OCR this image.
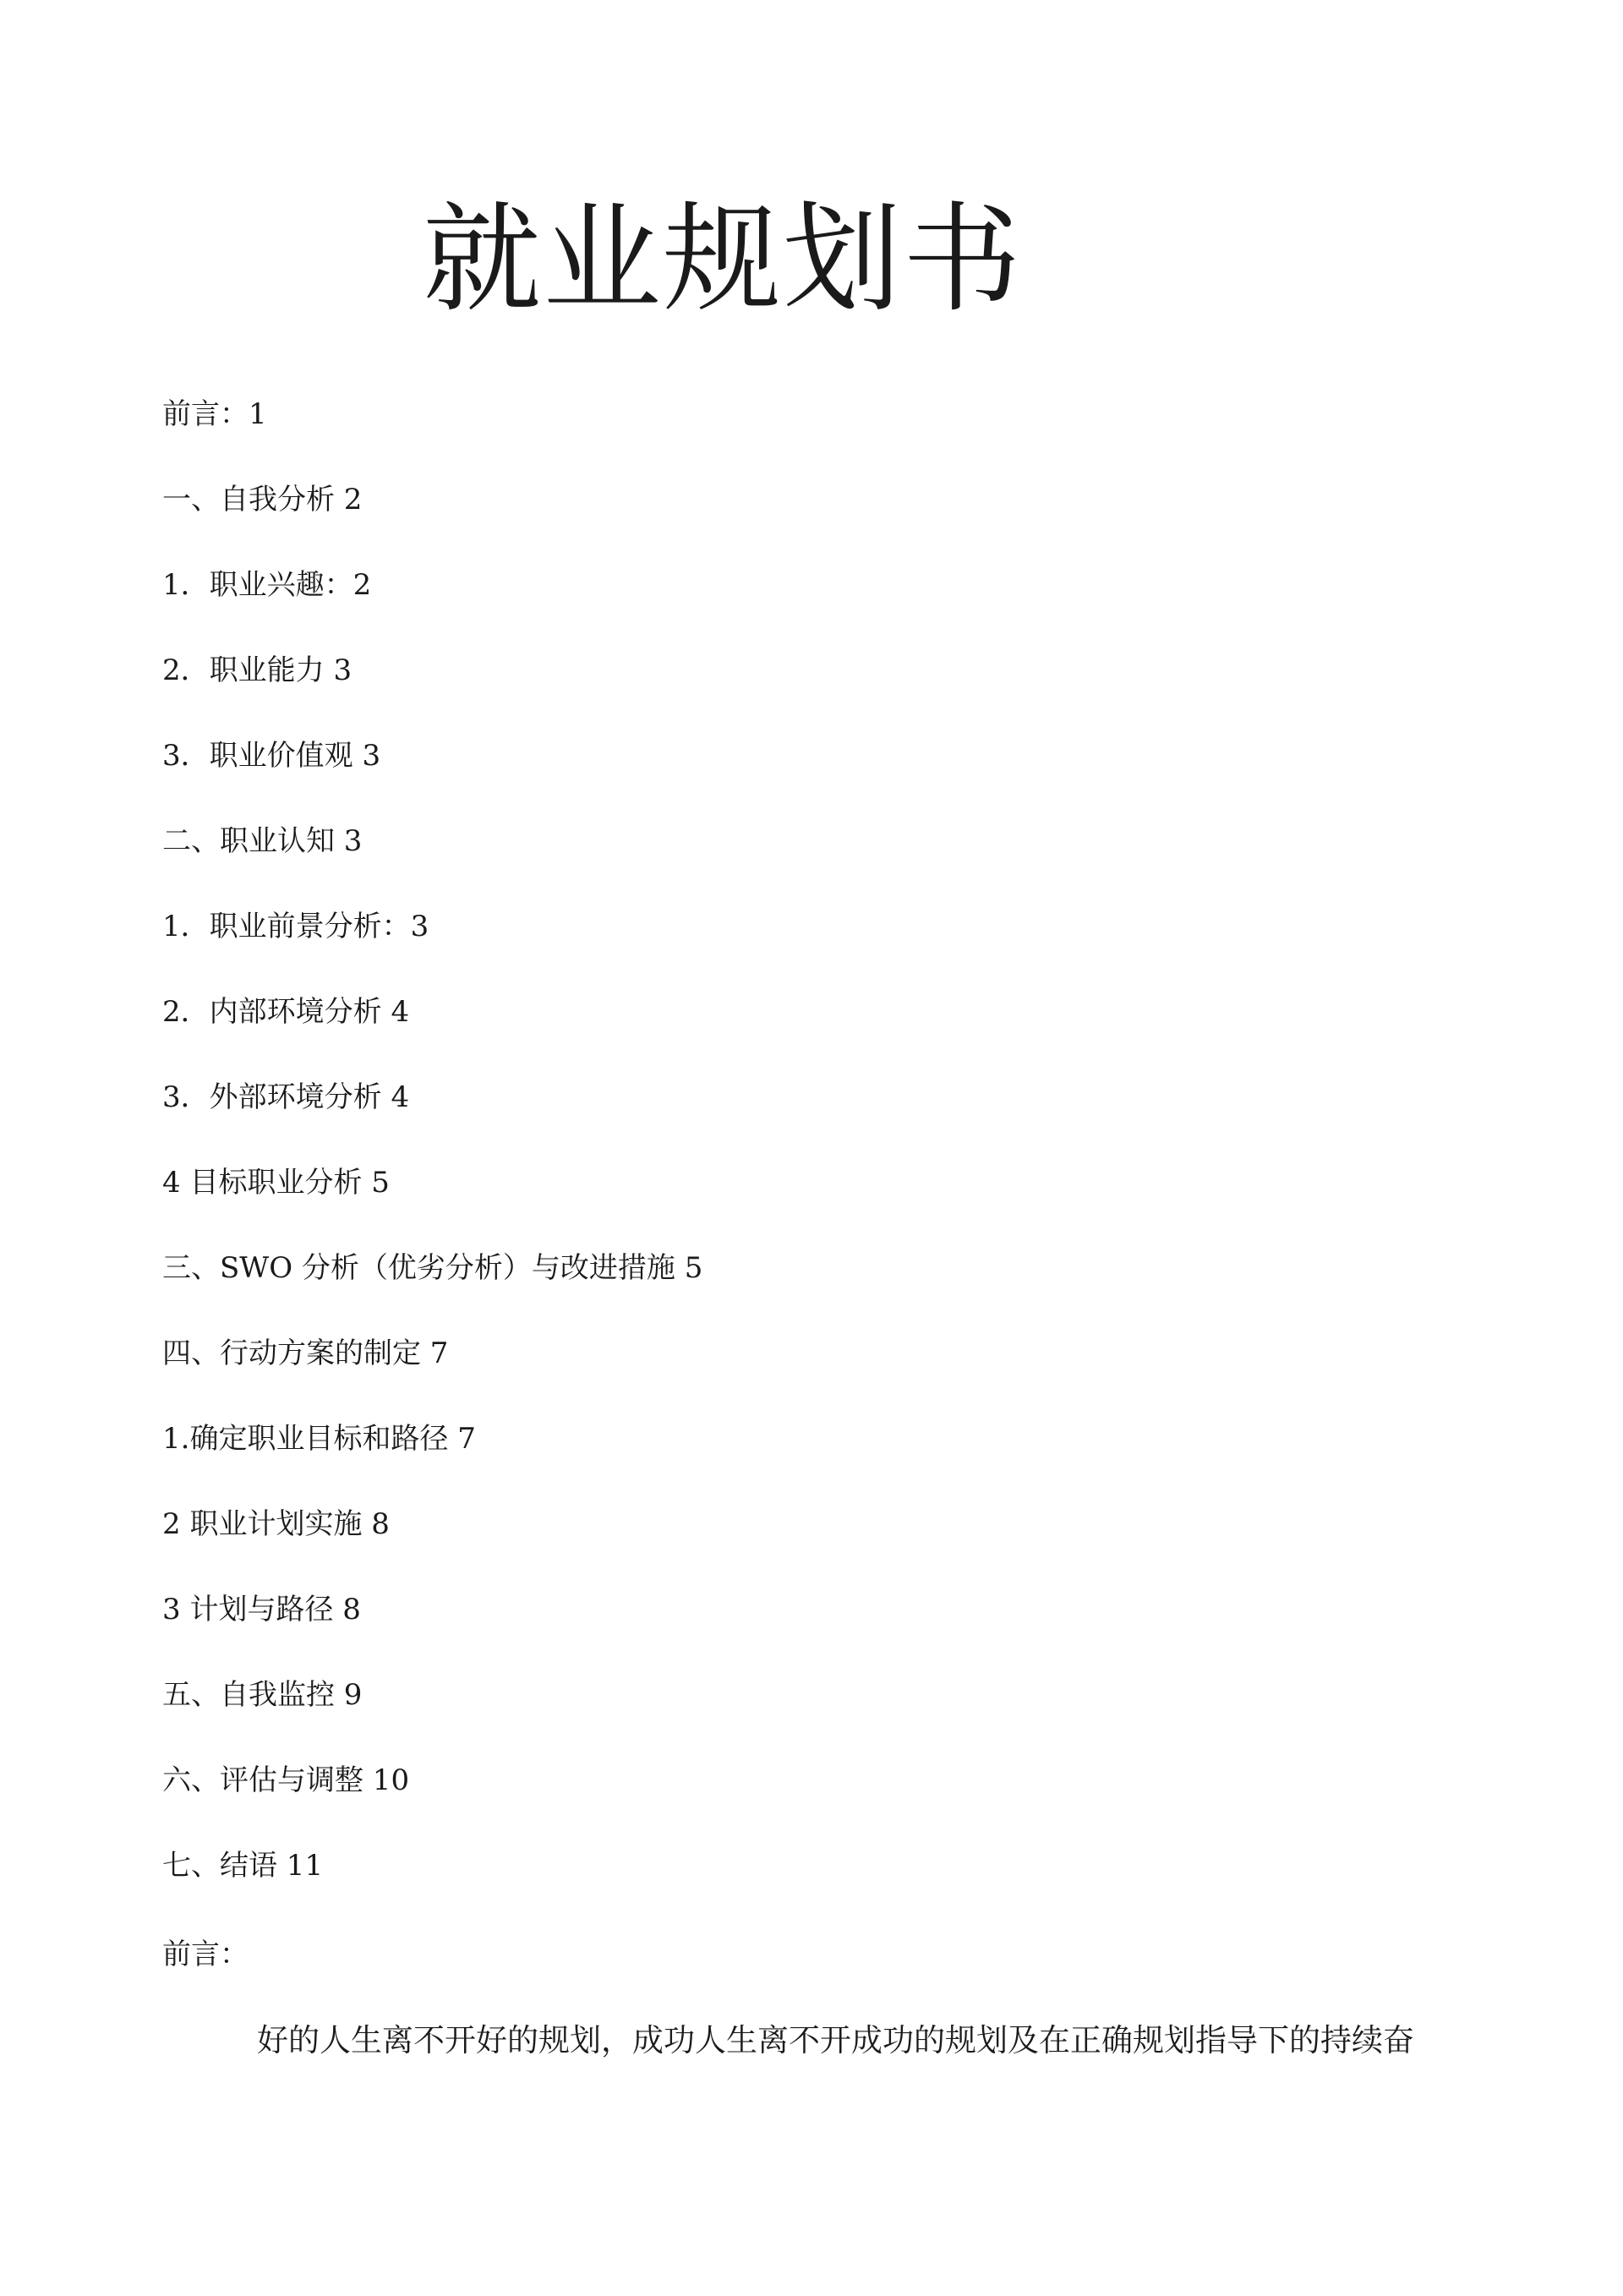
就业规划书
前言：1
一、自我分析 2
1．职业兴趣：2
2．职业能力 3
3．职业价值观 3
二、职业认知 3
1．职业前景分析：3
2．内部环境分析 4
3．外部环境分析 4
4 目标职业分析 5
三、SWO 分析（优劣分析）与改进措施 5
四、行动方案的制定 7
1.确定职业目标和路径 7
2 职业计划实施 8
3 计划与路径 8
五、自我监控 9
六、评估与调整 10
七、结语 11
前言：

好的人生离不开好的规划，成功人生离不开成功的规划及在正确规划指导下的持续奋
